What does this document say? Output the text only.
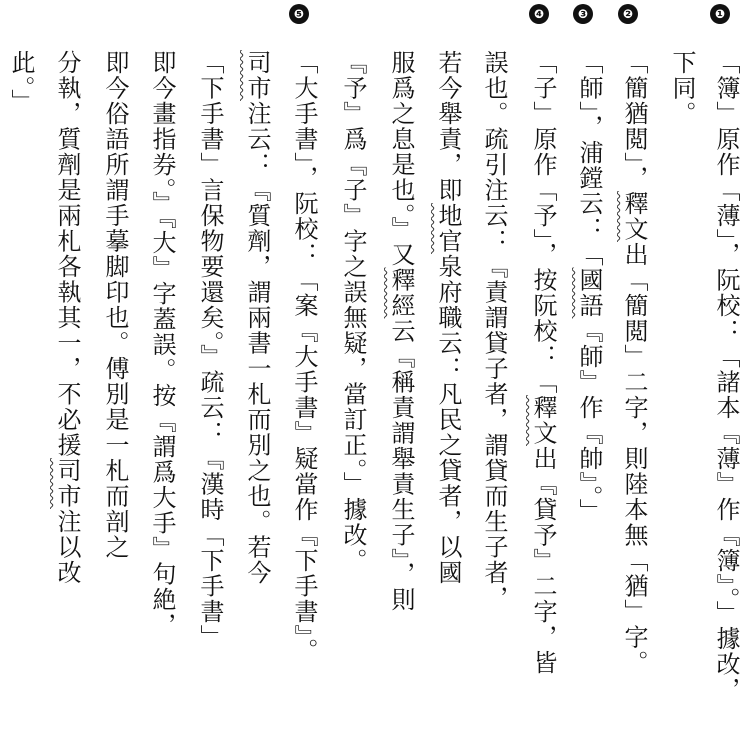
❶
❷
❸
❹
❺
「簿」原作「薄」，阮校：「諸本『薄』作『簿』。」據改，
下同。
「簡猶閲」，釋文出「簡閲」二字，則陸本無「猶」字。
「師」，浦鏜云：「國語『師』作『帥』。」
「子」原作「予」，按阮校：「釋文出『貸予』二字，皆
誤也。疏引注云：『責謂貸子者，謂貸而生子者，
若今舉責，即地官泉府職云：凡民之貸者，以國
服爲之息是也。』又釋經云『稱責謂舉責生子』，則
『予』爲『子』字之誤無疑，當訂正。」據改。
「大手書」，阮校：「案『大手書』疑當作『下手書』。
司市注云：『質劑，謂兩書一札而別之也。若今
「下手書」言保物要還矣。』疏云：『漢時「下手書」
即今畫指券。』『大』字蓋誤。按『謂爲大手』句絶，
即今俗語所謂手摹脚印也。傅別是一札而剖之
分執，質劑是兩札各執其一，不必援司市注以改
此。」
